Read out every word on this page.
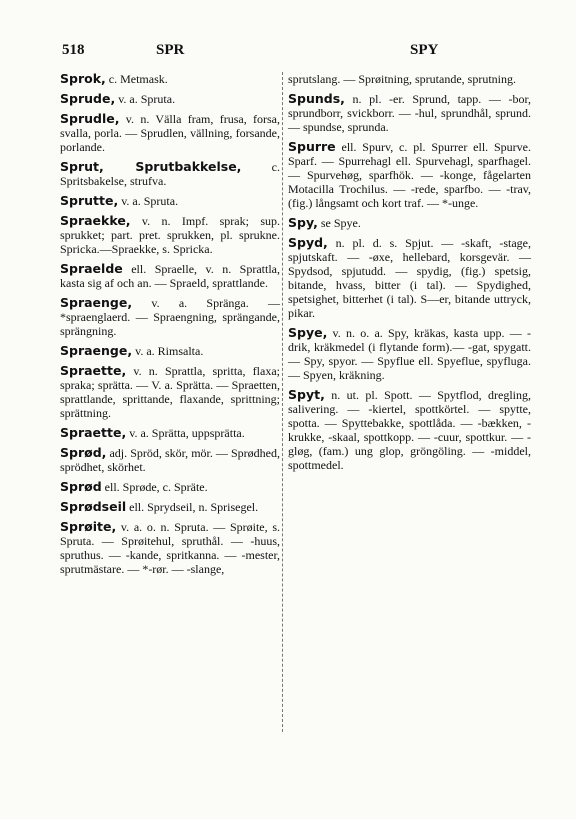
518	SPR	SPY

Sprok, c. Metmask.

Sprude, v. a. Spruta.

Sprudle, v. n. Välla fram, frusa, forsa, svalla, porla. — Sprudlen, vällning, forsande, porlande.

Sprut, Sprutbakkelse, c. Spritsbakelse, strufva.

Sprutte, v. a. Spruta.

Spraekke, v. n. Impf. sprak; sup. sprukket; part. pret. sprukken, pl. sprukne. Spricka.—Spraekke, s. Spricka.

Spraelde ell. Spraelle, v. n. Sprattla, kasta sig af och an. — Spraeld, sprattlande.

Spraenge, v. a. Spränga. — *spraenglaerd. — Spraengning, sprängande, sprängning.

Spraenge, v. a. Rimsalta.

Spraette, v. n. Sprattla, spritta, flaxa; spraka; sprätta. — V. a. Sprätta. — Spraetten, sprattlande, sprittande, flaxande, sprittning; sprättning.

Spraette, v. a. Sprätta, uppsprätta.

Sprød, adj. Spröd, skör, mör. — Sprødhed, sprödhet, skörhet.

Sprød ell. Sprøde, c. Spräte.

Sprødseil ell. Sprydseil, n. Sprisegel.

Sprøite, v. a. o. n. Spruta. — Sprøite, s. Spruta. — Sprøitehul, spruthål. — -huus, spruthus. — -kande, spritkanna. — -mester, sprutmästare. — *-rør. — -slange,

sprutslang. — Sprøitning, sprutande, sprutning.

Spunds, n. pl. -er. Sprund, tapp. — -bor, sprundborr, svickborr. — -hul, sprundhål, sprund. — spundse, sprunda.

Spurre ell. Spurv, c. pl. Spurrer ell. Spurve. Sparf. — Spurrehagl ell. Spurvehagl, sparfhagel. — Spurvehøg, sparfhök. — -konge, fågelarten Motacilla Trochilus. — -rede, sparfbo. — -trav, (fig.) långsamt och kort traf. — *-unge.

Spy, se Spye.

Spyd, n. pl. d. s. Spjut. — -skaft, -stage, spjutskaft. — -øxe, hellebard, korsgevär. — Spydsod, spjutudd. — spydig, (fig.) spetsig, bitande, hvass, bitter (i tal). — Spydighed, spetsighet, bitterhet (i tal). S—er, bitande uttryck, pikar.

Spye, v. n. o. a. Spy, kräkas, kasta upp. — -drik, kräkmedel (i flytande form).— -gat, spygatt. — Spy, spyor. — Spyflue ell. Spyeflue, spyfluga. — Spyen, kräkning.

Spyt, n. ut. pl. Spott. — Spytflod, dregling, salivering. — -kiertel, spottkörtel. — spytte, spotta. — Spyttebakke, spottlåda. — -bækken, -krukke, -skaal, spottkopp. — -cuur, spottkur. — -gløg, (fam.) ung glop, gröngöling. — -middel, spottmedel.
